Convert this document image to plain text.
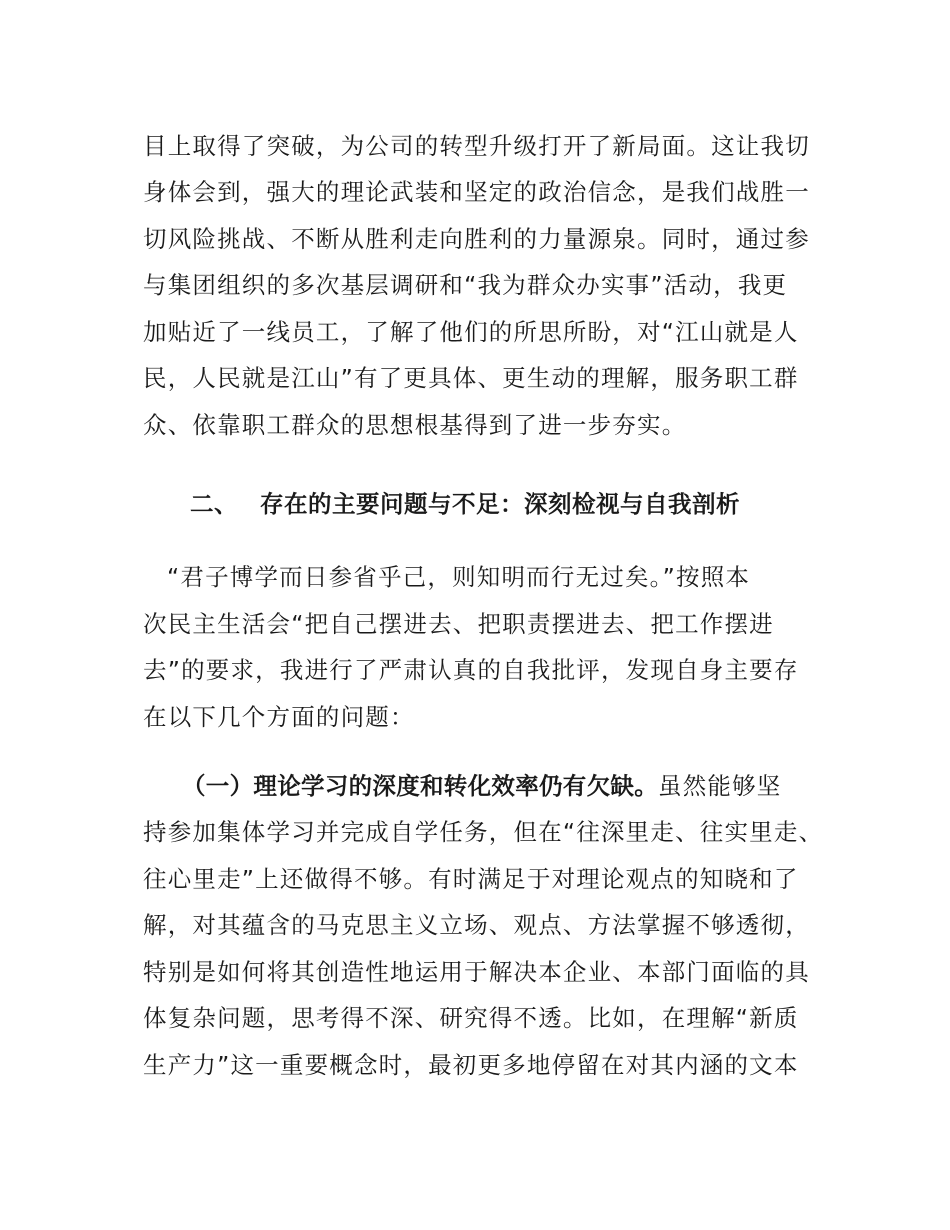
目上取得了突破，为公司的转型升级打开了新局面。这让我切
身体会到，强大的理论武装和坚定的政治信念，是我们战胜一
切风险挑战、不断从胜利走向胜利的力量源泉。同时，通过参
与集团组织的多次基层调研和“我为群众办实事”活动，我更
加贴近了一线员工，了解了他们的所思所盼，对“江山就是人
民，人民就是江山”有了更具体、更生动的理解，服务职工群
众、依靠职工群众的思想根基得到了进一步夯实。
二、 存在的主要问题与不足：深刻检视与自我剖析
“君子博学而日参省乎己，则知明而行无过矣。”按照本
次民主生活会“把自己摆进去、把职责摆进去、把工作摆进
去”的要求，我进行了严肃认真的自我批评，发现自身主要存
在以下几个方面的问题：
（一）理论学习的深度和转化效率仍有欠缺。虽然能够坚
持参加集体学习并完成自学任务，但在“往深里走、往实里走、
往心里走”上还做得不够。有时满足于对理论观点的知晓和了
解，对其蕴含的马克思主义立场、观点、方法掌握不够透彻，
特别是如何将其创造性地运用于解决本企业、本部门面临的具
体复杂问题，思考得不深、研究得不透。比如，在理解“新质
生产力”这一重要概念时，最初更多地停留在对其内涵的文本
